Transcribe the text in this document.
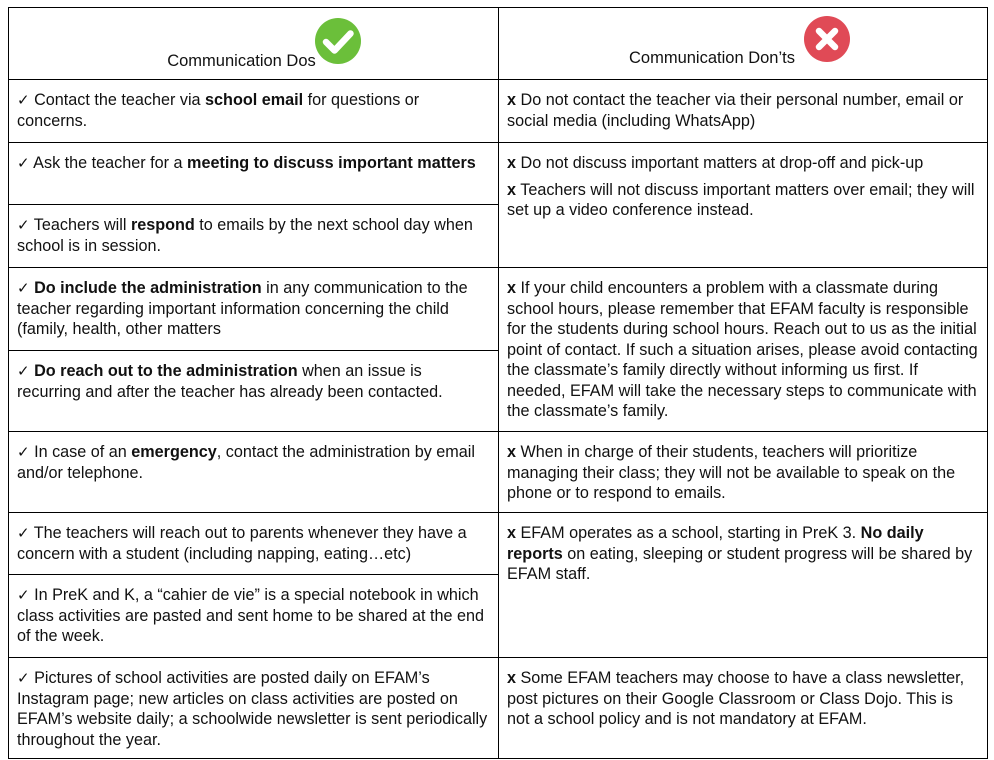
Communication Dos	Communication Don’ts

✓ Contact the teacher via school email for questions or concerns.	x Do not contact the teacher via their personal number, email or social media (including WhatsApp)

✓ Ask the teacher for a meeting to discuss important matters	x Do not discuss important matters at drop-off and pick-up

x Teachers will not discuss important matters over email; they will set up a video conference instead.

✓ Teachers will respond to emails by the next school day when school is in session.	

✓ Do include the administration in any communication to the teacher regarding important information concerning the child (family, health, other matters	x If your child encounters a problem with a classmate during school hours, please remember that EFAM faculty is responsible for the students during school hours. Reach out to us as the initial point of contact. If such a situation arises, please avoid contacting the classmate’s family directly without informing us first. If needed, EFAM will take the necessary steps to communicate with the classmate’s family.

✓ Do reach out to the administration when an issue is recurring and after the teacher has already been contacted.	

✓ In case of an emergency, contact the administration by email and/or telephone.	x When in charge of their students, teachers will prioritize managing their class; they will not be available to speak on the phone or to respond to emails.

✓ The teachers will reach out to parents whenever they have a concern with a student (including napping, eating…etc)	x EFAM operates as a school, starting in PreK 3. No daily reports on eating, sleeping or student progress will be shared by EFAM staff.

✓ In PreK and K, a “cahier de vie” is a special notebook in which class activities are pasted and sent home to be shared at the end of the week.	

✓ Pictures of school activities are posted daily on EFAM’s Instagram page; new articles on class activities are posted on EFAM’s website daily; a schoolwide newsletter is sent periodically throughout the year.	x Some EFAM teachers may choose to have a class newsletter, post pictures on their Google Classroom or Class Dojo. This is not a school policy and is not mandatory at EFAM.
